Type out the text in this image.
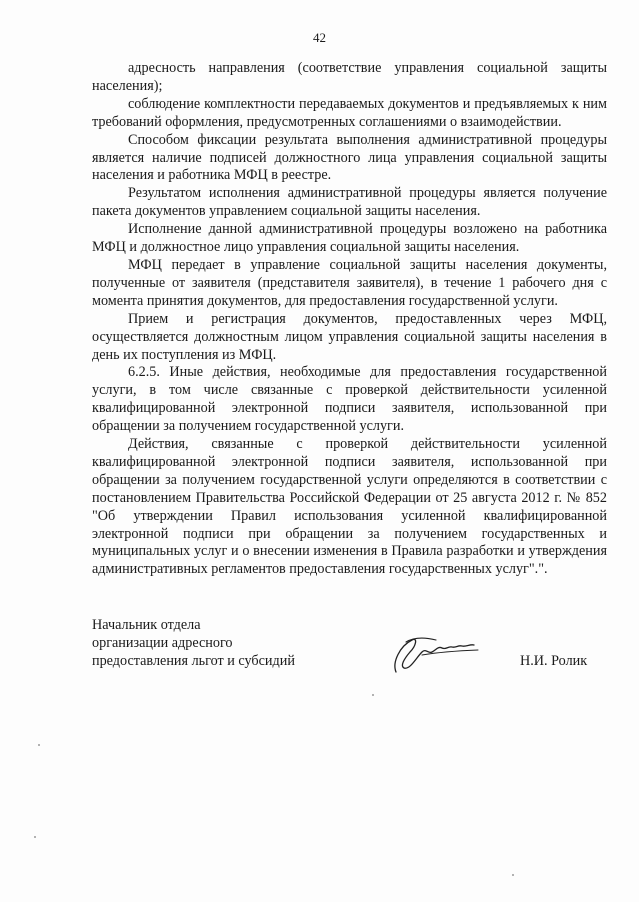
42

адресность направления (соответствие управления социальной защиты населения);

соблюдение комплектности передаваемых документов и предъявляемых к ним требований оформления, предусмотренных соглашениями о взаимодействии.

Способом фиксации результата выполнения административной процедуры является наличие подписей должностного лица управления социальной защиты населения и работника МФЦ в реестре.

Результатом исполнения административной процедуры является получение пакета документов управлением социальной защиты населения.

Исполнение данной административной процедуры возложено на работника МФЦ и должностное лицо управления социальной защиты населения.

МФЦ передает в управление социальной защиты населения документы, полученные от заявителя (представителя заявителя), в течение 1 рабочего дня с момента принятия документов, для предоставления государственной услуги.

Прием и регистрация документов, предоставленных через МФЦ, осуществляется должностным лицом управления социальной защиты населения в день их поступления из МФЦ.

6.2.5. Иные действия, необходимые для предоставления государственной услуги, в том числе связанные с проверкой действительности усиленной квалифицированной электронной подписи заявителя, использованной при обращении за получением государственной услуги.

Действия, связанные с проверкой действительности усиленной квалифицированной электронной подписи заявителя, использованной при обращении за получением государственной услуги определяются в соответствии с постановлением Правительства Российской Федерации от 25 августа 2012 г. № 852 "Об утверждении Правил использования усиленной квалифицированной электронной подписи при обращении за получением государственных и муниципальных услуг и о внесении изменения в Правила разработки и утверждения административных регламентов предоставления государственных услуг".".

Начальник отдела
организации адресного
предоставления льгот и субсидий	Н.И. Ролик
